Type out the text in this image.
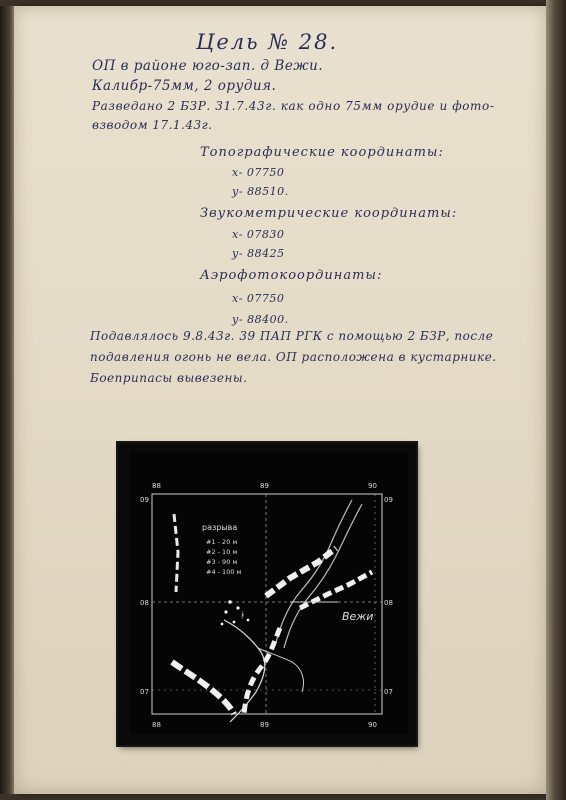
Цель № 28.
ОП в районе юго-зап. д Вежи.
Калибр-75мм, 2 орудия.
Разведано 2 БЗР. 31.7.43г. как одно 75мм орудие и фото-
взводом 17.1.43г.
Топографические координаты:
х- 07750
у- 88510.
Звукометрические координаты:
х- 07830
у- 88425
Аэрофотокоординаты:
х- 07750
у- 88400.
Подавлялось 9.8.43г. 39 ПАП РГК с помощью 2 БЗР, после
подавления огонь не вела. ОП расположена в кустарнике.
Боеприпасы вывезены.
88	89	90
88	89	90
09
08
07
09
08
07
разрыва
#1 - 20 м
#2 - 10 м
#3 - 90 м
#4 - 100 м
ᚼ	Вежи
